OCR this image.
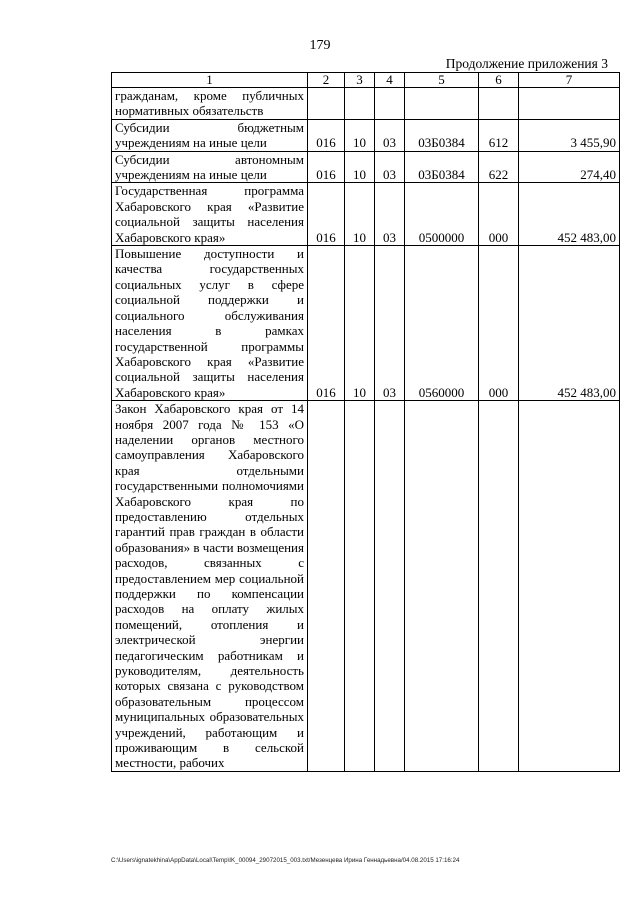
179
Продолжение приложения 3
1	2	3	4	5	6	7
гражданам, кроме публичных нормативных обязательств						
Субсидии бюджетным учреждениям на иные цели	016	10	03	03Б0384	612	3 455,90
Субсидии автономным учреждениям на иные цели	016	10	03	03Б0384	622	274,40
Государственная программа Хабаровского края «Развитие социальной защиты населения Хабаровского края»	016	10	03	0500000	000	452 483,00
Повышение доступности и качества государственных социальных услуг в сфере социальной поддержки и социального обслуживания населения в рамках государственной программы Хабаровского края «Развитие социальной защиты населения Хабаровского края»	016	10	03	0560000	000	452 483,00
Закон Хабаровского края от 14 ноября 2007 года № 153 «О наделении органов местного самоуправления Хабаровского края отдельными государственными полномочиями Хабаровского края по предоставлению отдельных гарантий прав граждан в области образования» в части возмещения расходов, связанных с предоставлением мер социальной поддержки по компенсации расходов на оплату жилых помещений, отопления и электрической энергии педагогическим работникам и руководителям, деятельность которых связана с руководством образовательным процессом муниципальных образовательных учреждений, работающим и проживающим в сельской местности, рабочих						
C:\Users\ignatekhina\AppData\Local\Temp\IK_00094_29072015_003.txt/Мезенцева Ирина Геннадьевна/04.08.2015 17:16:24
